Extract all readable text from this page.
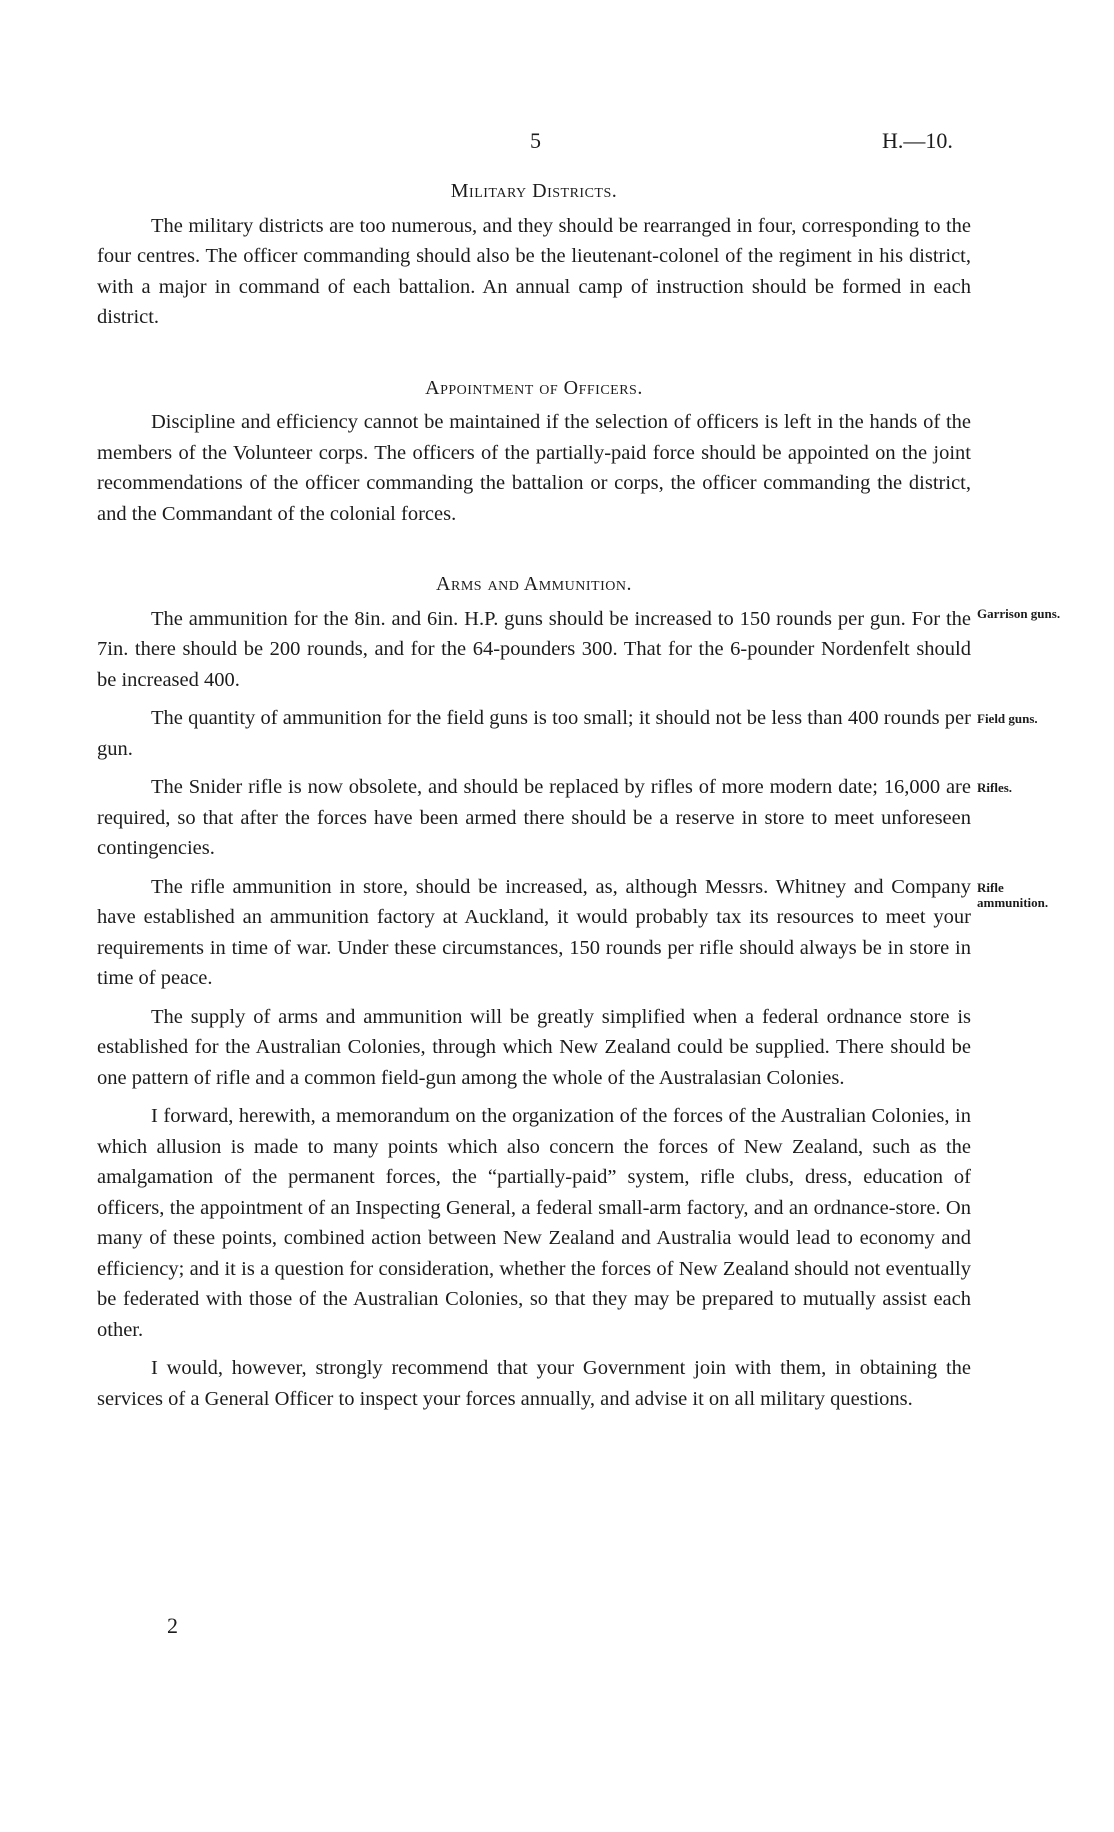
5	H.—10.
Military Districts.

The military districts are too numerous, and they should be rearranged in four, corresponding to the four centres. The officer commanding should also be the lieutenant-colonel of the regiment in his district, with a major in command of each battalion. An annual camp of instruction should be formed in each district.

Appointment of Officers.

Discipline and efficiency cannot be maintained if the selection of officers is left in the hands of the members of the Volunteer corps. The officers of the partially-paid force should be appointed on the joint recommendations of the officer commanding the battalion or corps, the officer commanding the district, and the Commandant of the colonial forces.

Arms and Ammunition.
Garrison guns.

The ammunition for the 8in. and 6in. H.P. guns should be increased to 150 rounds per gun. For the 7in. there should be 200 rounds, and for the 64-pounders 300. That for the 6-pounder Nordenfelt should be increased 400.

Field guns.

The quantity of ammunition for the field guns is too small; it should not be less than 400 rounds per gun.

Rifles.

The Snider rifle is now obsolete, and should be replaced by rifles of more modern date; 16,000 are required, so that after the forces have been armed there should be a reserve in store to meet unforeseen contingencies.

Rifle ammunition.

The rifle ammunition in store, should be increased, as, although Messrs. Whitney and Company have established an ammunition factory at Auckland, it would probably tax its resources to meet your requirements in time of war. Under these circumstances, 150 rounds per rifle should always be in store in time of peace.

The supply of arms and ammunition will be greatly simplified when a federal ordnance store is established for the Australian Colonies, through which New Zealand could be supplied. There should be one pattern of rifle and a common field-gun among the whole of the Australasian Colonies.

I forward, herewith, a memorandum on the organization of the forces of the Australian Colonies, in which allusion is made to many points which also concern the forces of New Zealand, such as the amalgamation of the permanent forces, the “partially-paid” system, rifle clubs, dress, education of officers, the appointment of an Inspecting General, a federal small-arm factory, and an ordnance-store. On many of these points, combined action between New Zealand and Australia would lead to economy and efficiency; and it is a question for consideration, whether the forces of New Zealand should not eventually be federated with those of the Australian Colonies, so that they may be prepared to mutually assist each other.

I would, however, strongly recommend that your Government join with them, in obtaining the services of a General Officer to inspect your forces annually, and advise it on all military questions.

2
